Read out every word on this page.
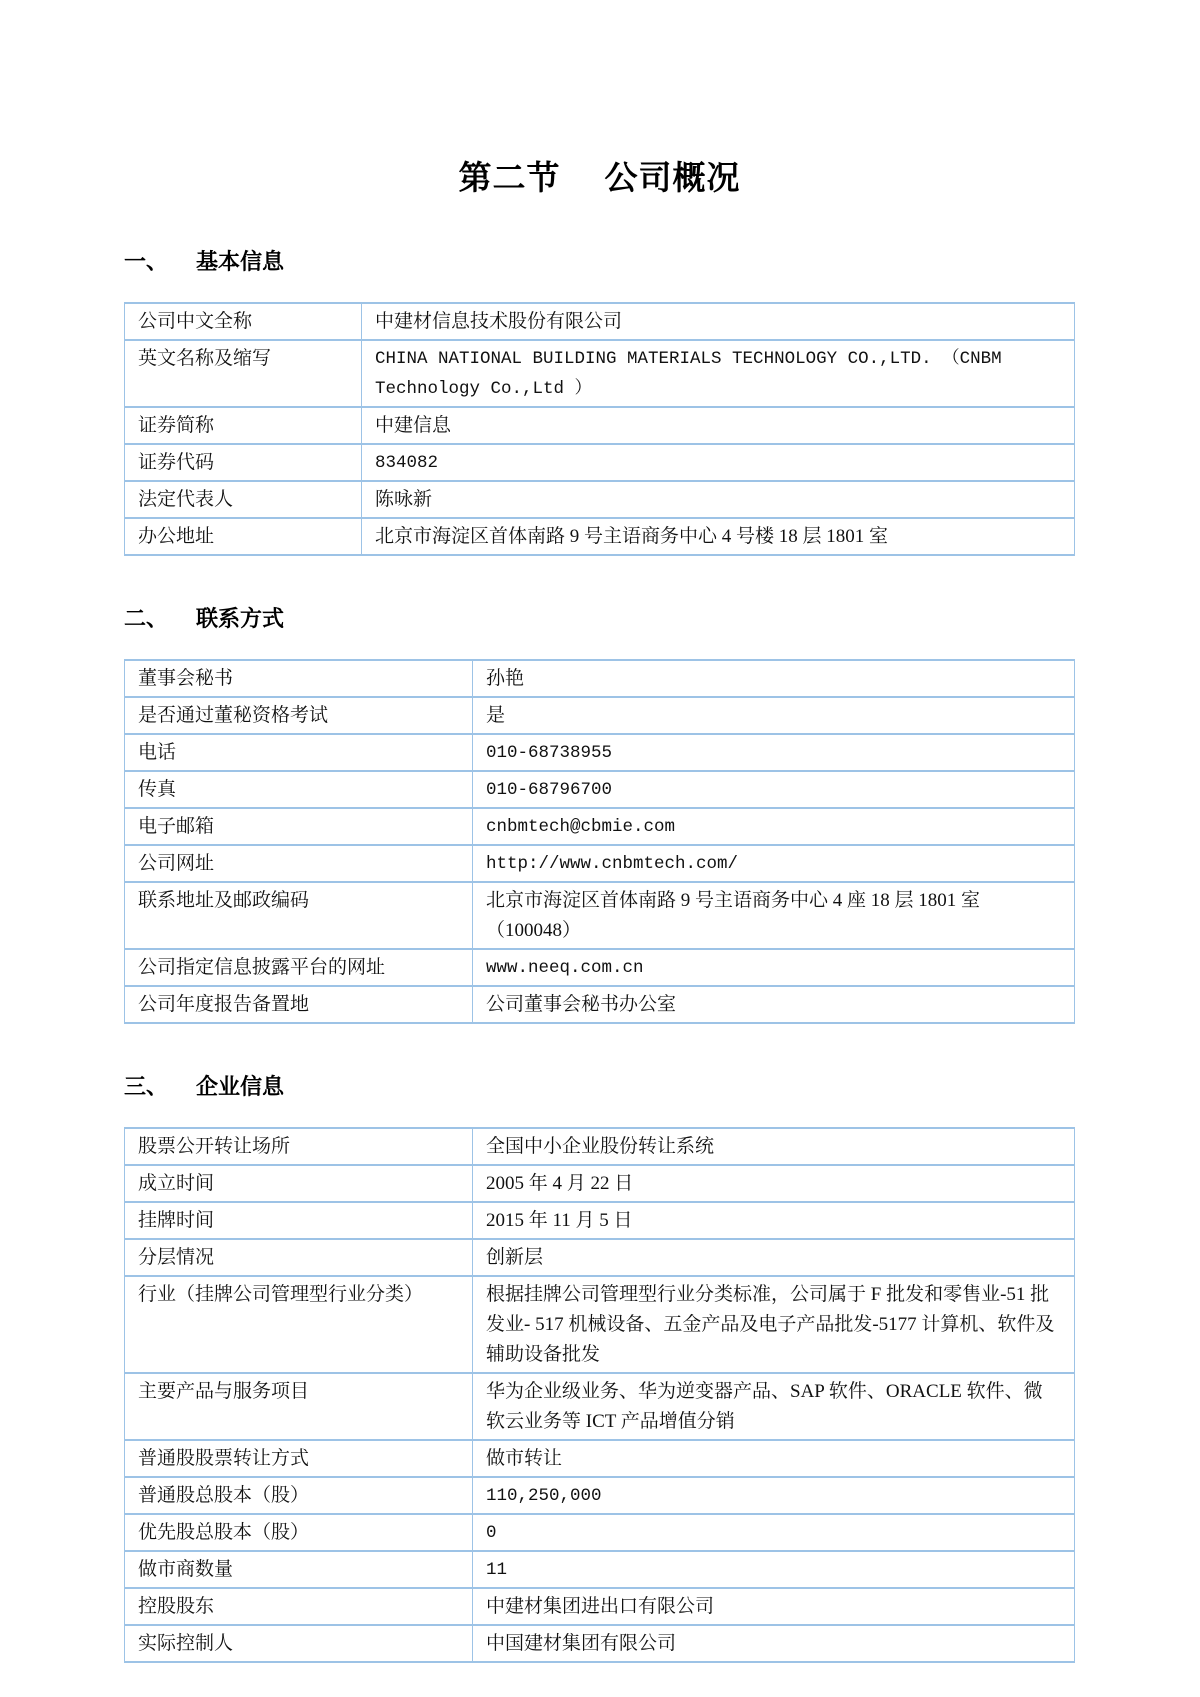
第二节 公司概况
一、 基本信息
公司中文全称	中建材信息技术股份有限公司
英文名称及缩写	CHINA NATIONAL BUILDING MATERIALS TECHNOLOGY CO.,LTD. （CNBM Technology Co.,Ltd ）
证券简称	中建信息
证券代码	834082
法定代表人	陈咏新
办公地址	北京市海淀区首体南路 9 号主语商务中心 4 号楼 18 层 1801 室
二、 联系方式
董事会秘书	孙艳
是否通过董秘资格考试	是
电话	010-68738955
传真	010-68796700
电子邮箱	cnbmtech@cbmie.com
公司网址	http://www.cnbmtech.com/
联系地址及邮政编码	北京市海淀区首体南路 9 号主语商务中心 4 座 18 层 1801 室（100048）
公司指定信息披露平台的网址	www.neeq.com.cn
公司年度报告备置地	公司董事会秘书办公室
三、 企业信息
股票公开转让场所	全国中小企业股份转让系统
成立时间	2005 年 4 月 22 日
挂牌时间	2015 年 11 月 5 日
分层情况	创新层
行业（挂牌公司管理型行业分类）	根据挂牌公司管理型行业分类标准，公司属于 F 批发和零售业-51 批发业- 517 机械设备、五金产品及电子产品批发-5177 计算机、软件及辅助设备批发
主要产品与服务项目	华为企业级业务、华为逆变器产品、SAP 软件、ORACLE 软件、微软云业务等 ICT 产品增值分销
普通股股票转让方式	做市转让
普通股总股本（股）	110,250,000
优先股总股本（股）	0
做市商数量	11
控股股东	中建材集团进出口有限公司
实际控制人	中国建材集团有限公司
